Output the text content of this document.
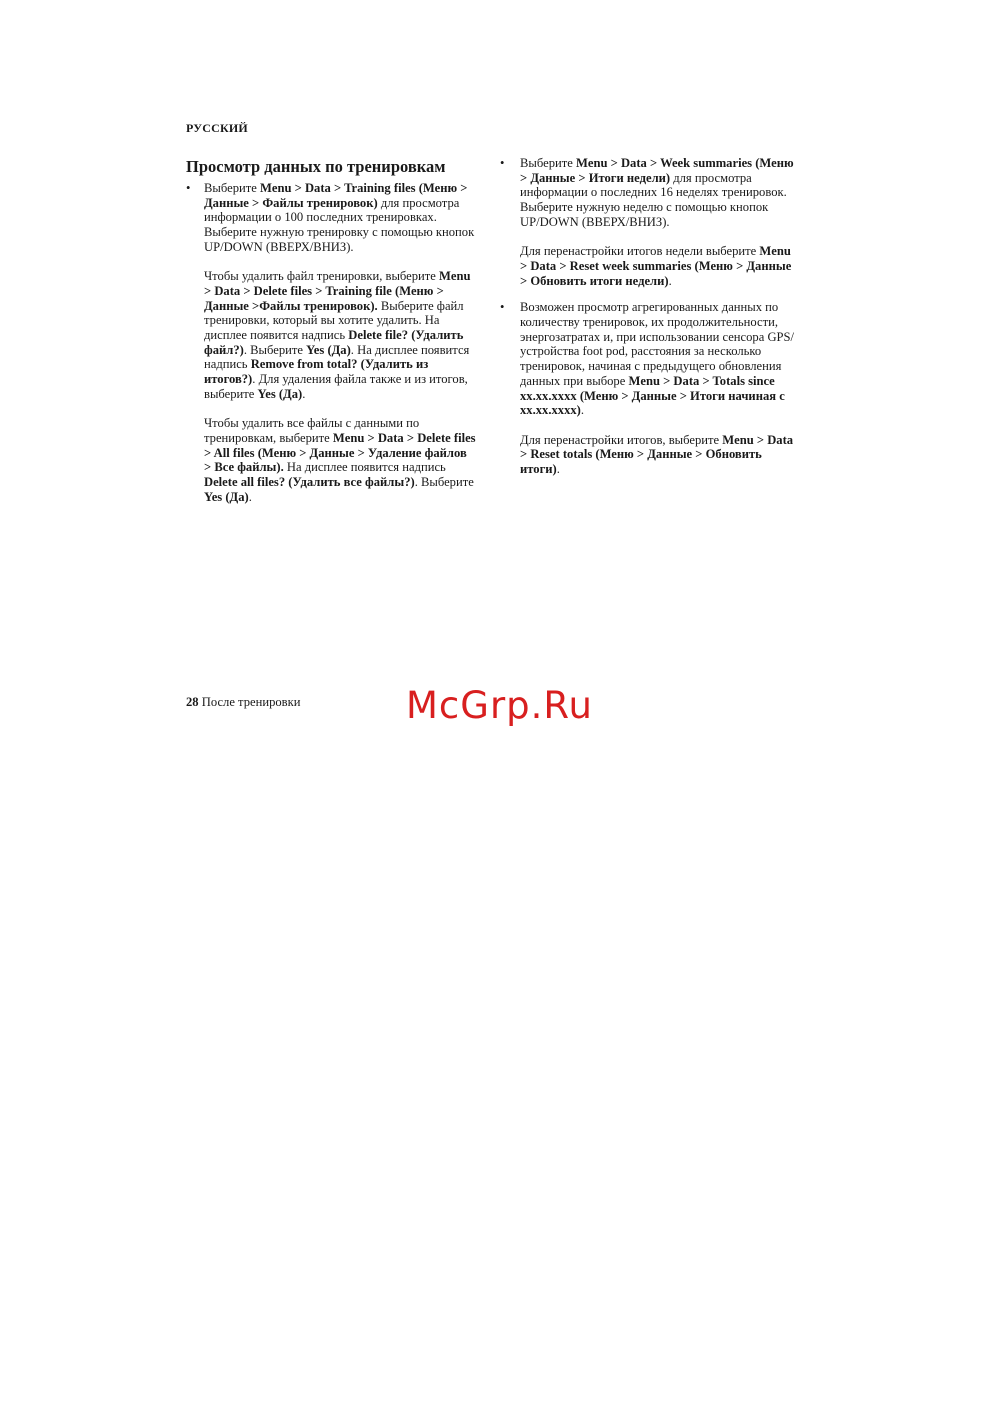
РУССКИЙ
Просмотр данных по тренировкам
• Выберите Menu > Data > Training files (Меню > Данные > Файлы тренировок) для просмотра информации о 100 последних тренировках. Выберите нужную тренировку с помощью кнопок UP/DOWN (ВВЕРХ/ВНИЗ).

Чтобы удалить файл тренировки, выберите Menu > Data > Delete files > Training file (Меню > Данные >Файлы тренировок). Выберите файл тренировки, который вы хотите удалить. На дисплее появится надпись Delete file? (Удалить файл?). Выберите Yes (Да). На дисплее появится надпись Remove from total? (Удалить из итогов?). Для удаления файла также и из итогов, выберите Yes (Да).

Чтобы удалить все файлы с данными по тренировкам, выберите Menu > Data > Delete files > All files (Меню > Данные > Удаление файлов > Все файлы). На дисплее появится надпись Delete all files? (Удалить все файлы?). Выберите Yes (Да).

• Выберите Menu > Data > Week summaries (Меню > Данные > Итоги недели) для просмотра информации о последних 16 неделях тренировок. Выберите нужную неделю с помощью кнопок UP/DOWN (ВВЕРХ/ВНИЗ).

Для перенастройки итогов недели выберите Menu > Data > Reset week summaries (Меню > Данные > Обновить итоги недели).

• Возможен просмотр агрегированных данных по количеству тренировок, их продолжительности, энергозатратах и, при использовании сенсора GPS/устройства foot pod, расстояния за несколько тренировок, начиная с предыдущего обновления данных при выборе Menu > Data > Totals since xx.xx.xxxx (Меню > Данные > Итоги начиная с xx.xx.xxxx).

Для перенастройки итогов, выберите Menu > Data > Reset totals (Меню > Данные > Обновить итоги).

28 После тренировки	McGrp.Ru
